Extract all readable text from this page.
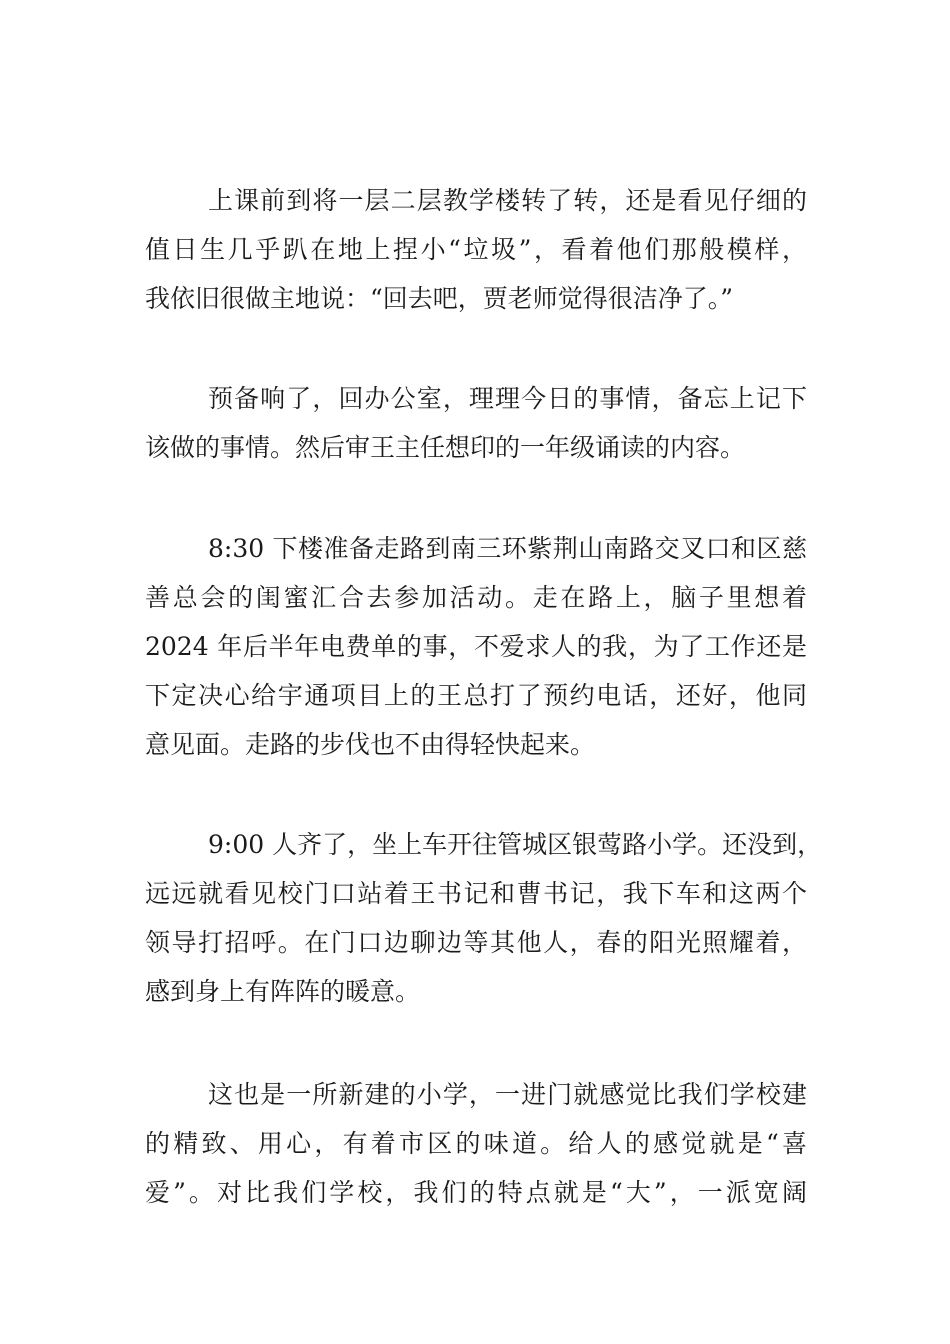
上课前到将一层二层教学楼转了转，还是看见仔细的
值日生几乎趴在地上捏小“垃圾”，看着他们那般模样，
我依旧很做主地说：“回去吧，贾老师觉得很洁净了。”
预备响了，回办公室，理理今日的事情，备忘上记下
该做的事情。然后审王主任想印的一年级诵读的内容。
8:30 下楼准备走路到南三环紫荆山南路交叉口和区慈
善总会的闺蜜汇合去参加活动。走在路上，脑子里想着
2024 年后半年电费单的事，不爱求人的我，为了工作还是
下定决心给宇通项目上的王总打了预约电话，还好，他同
意见面。走路的步伐也不由得轻快起来。
9:00 人齐了，坐上车开往管城区银莺路小学。还没到，
远远就看见校门口站着王书记和曹书记，我下车和这两个
领导打招呼。在门口边聊边等其他人，春的阳光照耀着，
感到身上有阵阵的暖意。
这也是一所新建的小学，一进门就感觉比我们学校建
的精致、用心，有着市区的味道。给人的感觉就是“喜
爱”。对比我们学校，我们的特点就是“大”，一派宽阔
